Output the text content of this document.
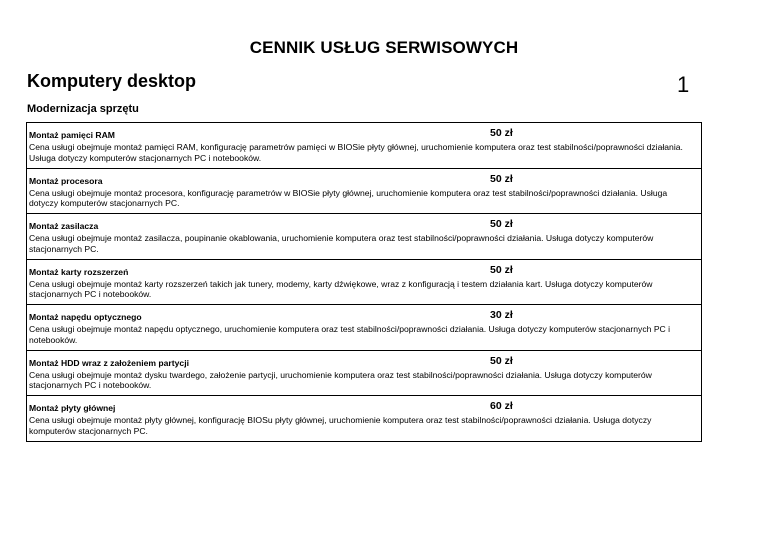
CENNIK USŁUG SERWISOWYCH
Komputery desktop	1
Modernizacja sprzętu
Montaż pamięci RAM	50 zł
Cena usługi obejmuje montaż pamięci RAM, konfigurację parametrów pamięci w BIOSie płyty głównej, uruchomienie komputera oraz test stabilności/poprawności działania. Usługa dotyczy komputerów stacjonarnych PC i notebooków.
Montaż procesora	50 zł
Cena usługi obejmuje montaż procesora, konfigurację parametrów w BIOSie płyty głównej, uruchomienie komputera oraz test stabilności/poprawności działania. Usługa dotyczy komputerów stacjonarnych PC.
Montaż zasilacza	50 zł
Cena usługi obejmuje montaż zasilacza, poupinanie okablowania, uruchomienie komputera oraz test stabilności/poprawności działania. Usługa dotyczy komputerów stacjonarnych PC.
Montaż karty rozszerzeń	50 zł
Cena usługi obejmuje montaż karty rozszerzeń takich jak tunery, modemy, karty dźwiękowe, wraz z konfiguracją i testem działania kart. Usługa dotyczy komputerów stacjonarnych PC i notebooków.
Montaż napędu optycznego	30 zł
Cena usługi obejmuje montaż napędu optycznego, uruchomienie komputera oraz test stabilności/poprawności działania. Usługa dotyczy komputerów stacjonarnych PC i notebooków.
Montaż HDD wraz z założeniem partycji	50 zł
Cena usługi obejmuje montaż dysku twardego, założenie partycji, uruchomienie komputera oraz test stabilności/poprawności działania. Usługa dotyczy komputerów stacjonarnych PC i notebooków.
Montaż płyty głównej	60 zł
Cena usługi obejmuje montaż płyty głównej, konfigurację BIOSu płyty głównej, uruchomienie komputera oraz test stabilności/poprawności działania. Usługa dotyczy komputerów stacjonarnych PC.
